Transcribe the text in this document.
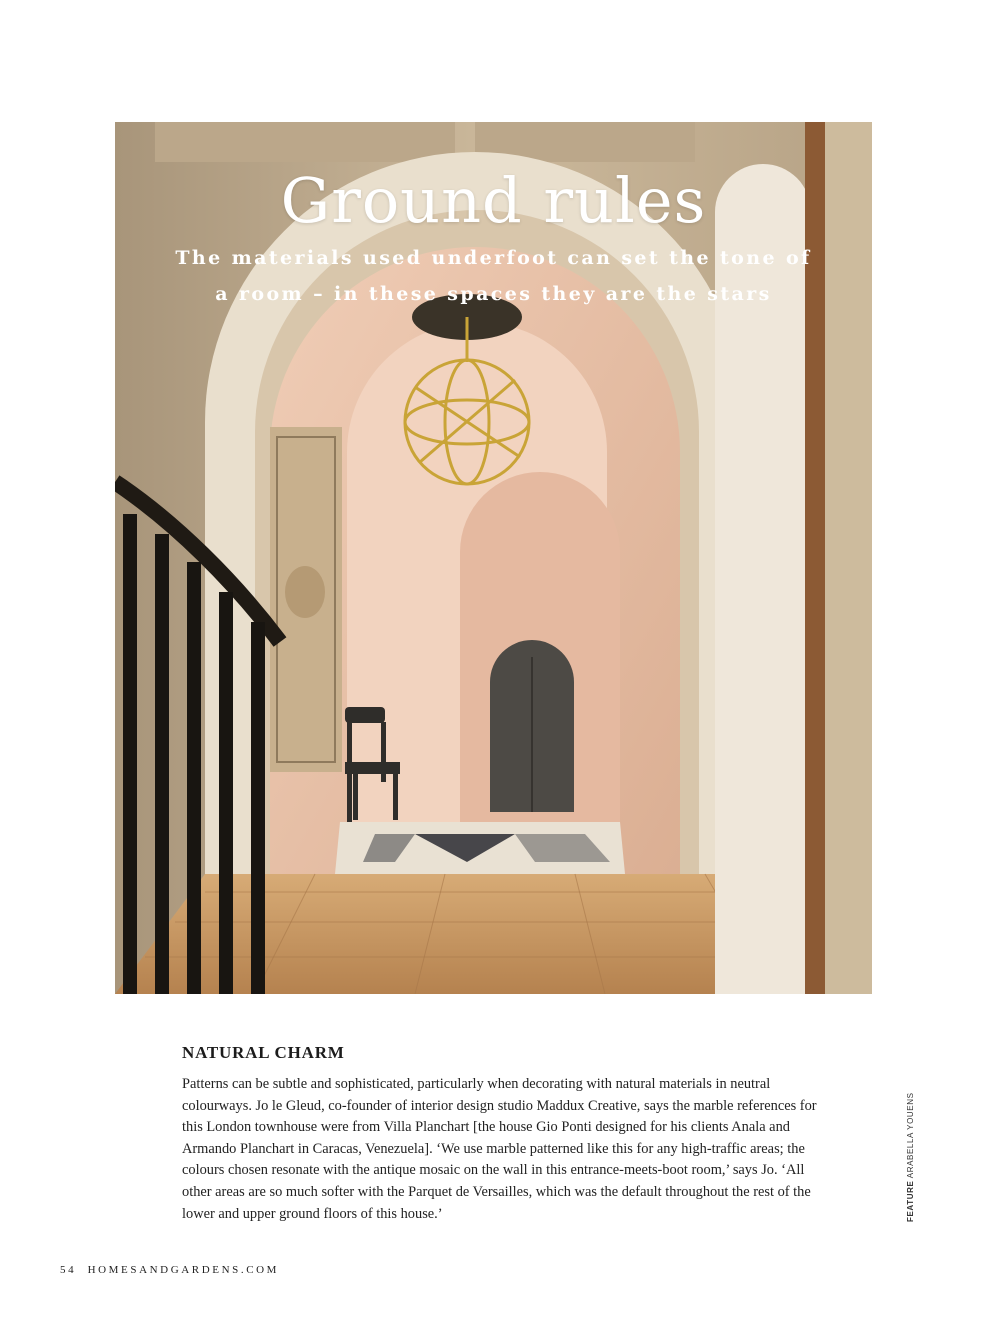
Ground rules
The materials used underfoot can set the tone of a room – in these spaces they are the stars
NATURAL CHARM
Patterns can be subtle and sophisticated, particularly when decorating with natural materials in neutral colourways. Jo le Gleud, co-founder of interior design studio Maddux Creative, says the marble references for this London townhouse were from Villa Planchart [the house Gio Ponti designed for his clients Anala and Armando Planchart in Caracas, Venezuela]. ‘We use marble patterned like this for any high-traffic areas; the colours chosen resonate with the antique mosaic on the wall in this entrance-meets-boot room,’ says Jo. ‘All other areas are so much softer with the Parquet de Versailles, which was the default throughout the rest of the lower and upper ground floors of this house.’	FEATURE ARABELLA YOUENS
54 HOMESANDGARDENS.COM
